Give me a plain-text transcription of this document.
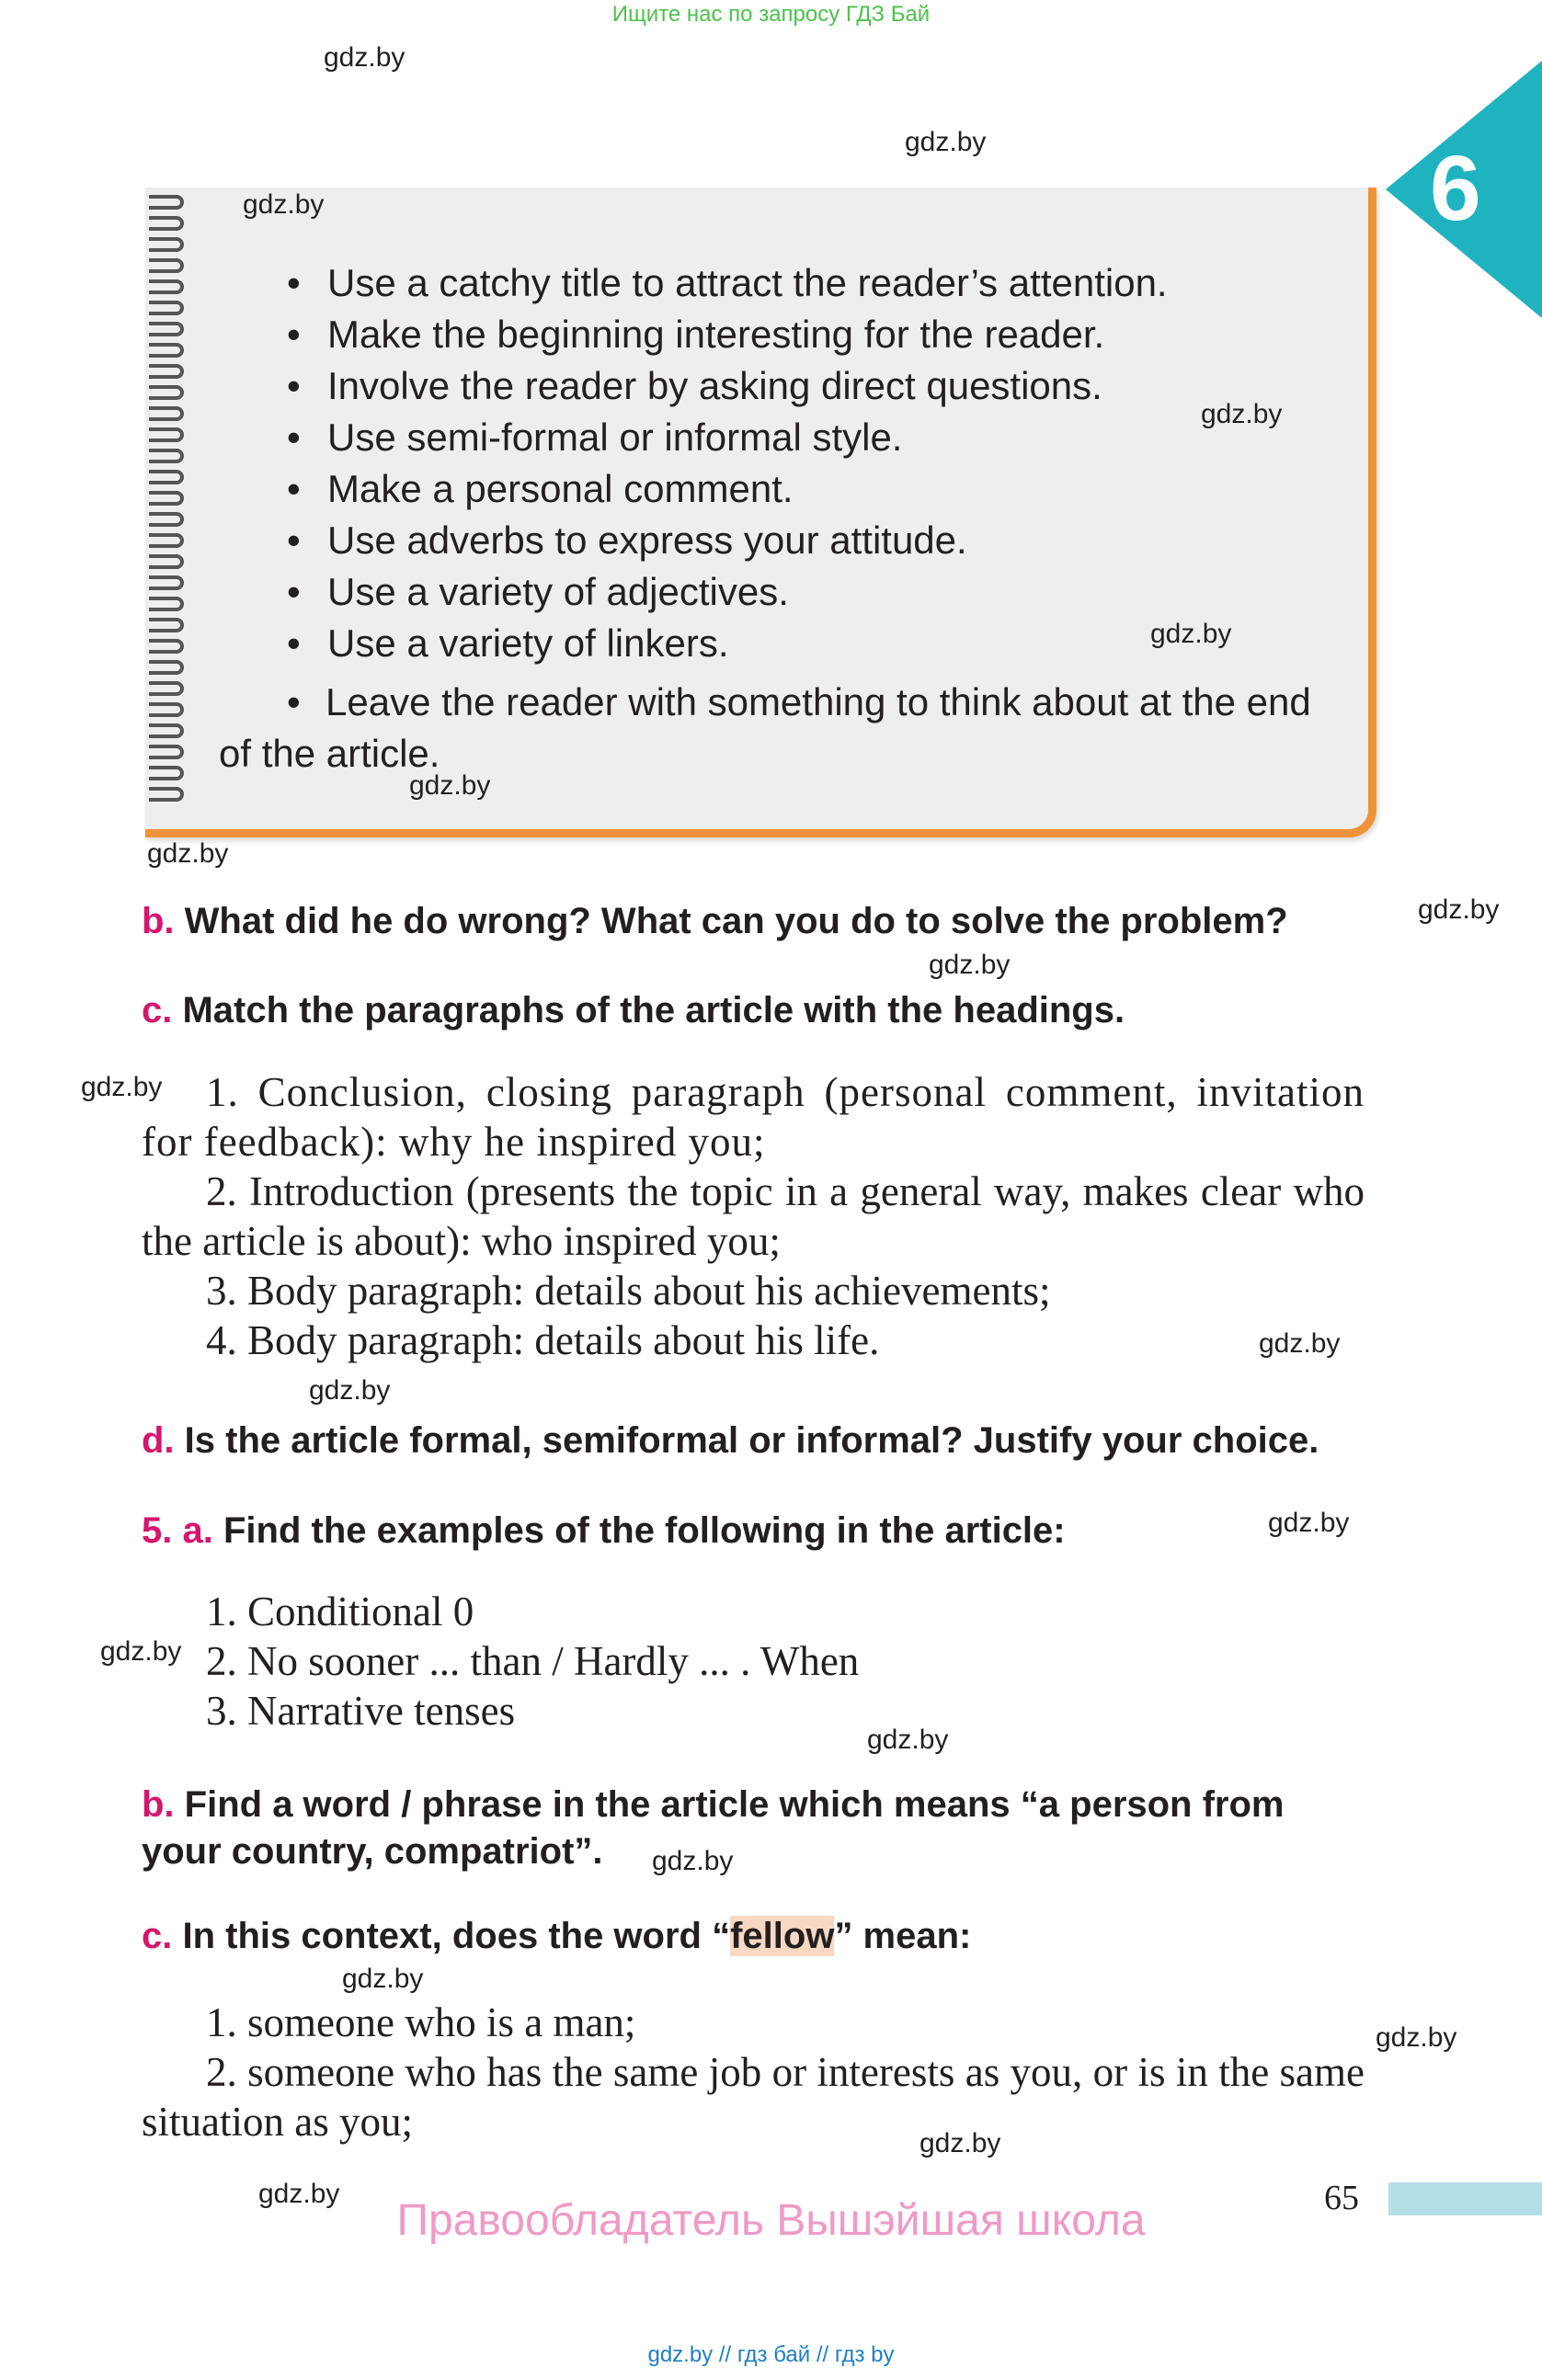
Ищите нас по запросу ГДЗ Бай
6
• Use a catchy title to attract the reader’s attention.
• Make the beginning interesting for the reader.
• Involve the reader by asking direct questions.
• Use semi-formal or informal style.
• Make a personal comment.
• Use adverbs to express your attitude.
• Use a variety of adjectives.
• Use a variety of linkers.
• Leave the reader with something to think about at the end of the article.
b. What did he do wrong? What can you do to solve the problem?
c. Match the paragraphs of the article with the headings.
1. Conclusion, closing paragraph (personal comment, invitation for feedback): why he inspired you;
2. Introduction (presents the topic in a general way, makes clear who the article is about): who inspired you;
3. Body paragraph: details about his achievements;
4. Body paragraph: details about his life.
d. Is the article formal, semiformal or informal? Justify your choice.
5. a. Find the examples of the following in the article:
1. Conditional 0
2. No sooner ... than / Hardly ... . When
3. Narrative tenses
b. Find a word / phrase in the article which means “a person from your country, compatriot”.
c. In this context, does the word “fellow” mean:
1. someone who is a man;
2. someone who has the same job or interests as you, or is in the same situation as you;
65
Правообладатель Вышэйшая школа
gdz.by // гдз бай // гдз by
gdz.by
gdz.by
gdz.by
gdz.by
gdz.by
gdz.by
gdz.by
gdz.by
gdz.by
gdz.by
gdz.by
gdz.by
gdz.by
gdz.by
gdz.by
gdz.by
gdz.by
gdz.by
gdz.by
gdz.by
